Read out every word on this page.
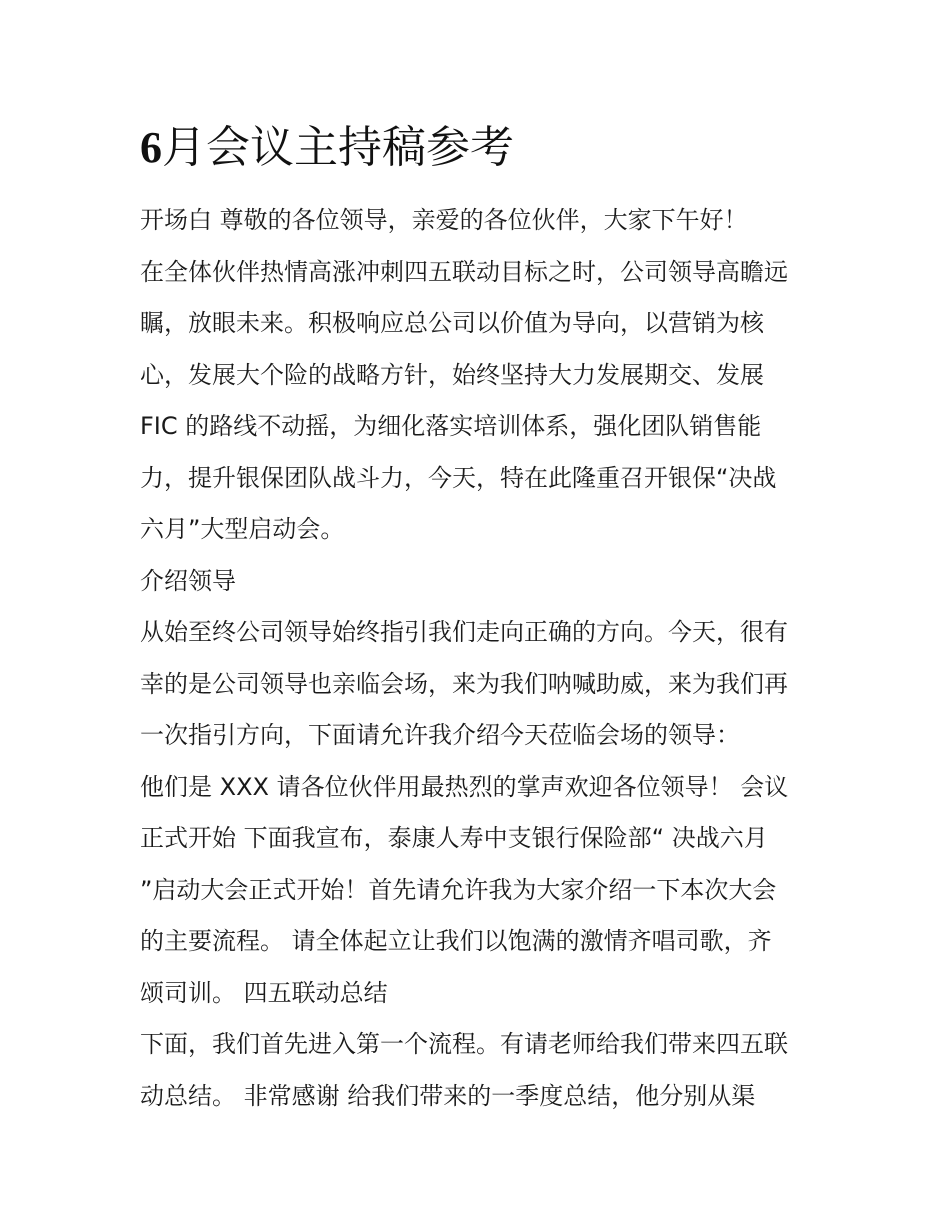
6月会议主持稿参考
开场白 尊敬的各位领导，亲爱的各位伙伴，大家下午好！
在全体伙伴热情高涨冲刺四五联动目标之时，公司领导高瞻远
瞩，放眼未来。积极响应总公司以价值为导向，以营销为核
心，发展大个险的战略方针，始终坚持大力发展期交、发展
FIC 的路线不动摇，为细化落实培训体系，强化团队销售能
力，提升银保团队战斗力，今天，特在此隆重召开银保“决战
六月”大型启动会。
介绍领导
从始至终公司领导始终指引我们走向正确的方向。今天，很有
幸的是公司领导也亲临会场，来为我们呐喊助威，来为我们再
一次指引方向，下面请允许我介绍今天莅临会场的领导：
他们是 XXX 请各位伙伴用最热烈的掌声欢迎各位领导！ 会议
正式开始 下面我宣布，泰康人寿中支银行保险部“ 决战六月
”启动大会正式开始！首先请允许我为大家介绍一下本次大会
的主要流程。 请全体起立让我们以饱满的激情齐唱司歌，齐
颂司训。 四五联动总结
下面，我们首先进入第一个流程。有请老师给我们带来四五联
动总结。 非常感谢 给我们带来的一季度总结，他分别从渠
